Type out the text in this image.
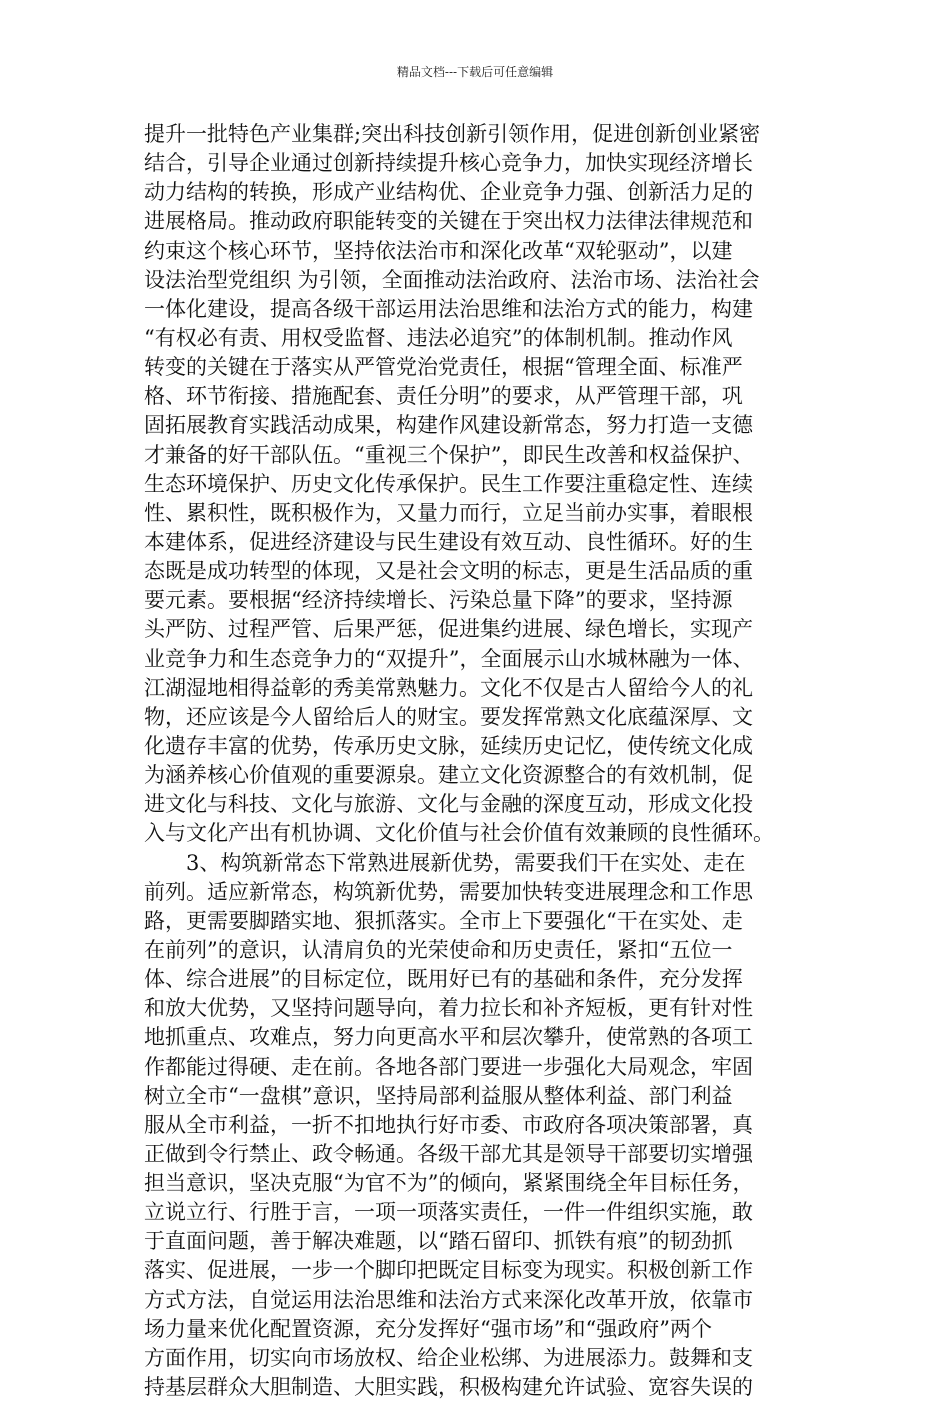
精品文档---下载后可任意编辑
提升一批特色产业集群;突出科技创新引领作用，促进创新创业紧密
结合，引导企业通过创新持续提升核心竞争力，加快实现经济增长
动力结构的转换，形成产业结构优、企业竞争力强、创新活力足的
进展格局。推动政府职能转变的关键在于突出权力法律法律规范和
约束这个核心环节，坚持依法治市和深化改革“双轮驱动”，以建
设法治型党组织 为引领，全面推动法治政府、法治市场、法治社会
一体化建设，提高各级干部运用法治思维和法治方式的能力，构建
“有权必有责、用权受监督、违法必追究”的体制机制。推动作风
转变的关键在于落实从严管党治党责任，根据“管理全面、标准严
格、环节衔接、措施配套、责任分明”的要求，从严管理干部，巩
固拓展教育实践活动成果，构建作风建设新常态，努力打造一支德
才兼备的好干部队伍。“重视三个保护”，即民生改善和权益保护、
生态环境保护、历史文化传承保护。民生工作要注重稳定性、连续
性、累积性，既积极作为，又量力而行，立足当前办实事，着眼根
本建体系，促进经济建设与民生建设有效互动、良性循环。好的生
态既是成功转型的体现，又是社会文明的标志，更是生活品质的重
要元素。要根据“经济持续增长、污染总量下降”的要求，坚持源
头严防、过程严管、后果严惩，促进集约进展、绿色增长，实现产
业竞争力和生态竞争力的“双提升”，全面展示山水城林融为一体、
江湖湿地相得益彰的秀美常熟魅力。文化不仅是古人留给今人的礼
物，还应该是今人留给后人的财宝。要发挥常熟文化底蕴深厚、文
化遗存丰富的优势，传承历史文脉，延续历史记忆，使传统文化成
为涵养核心价值观的重要源泉。建立文化资源整合的有效机制，促
进文化与科技、文化与旅游、文化与金融的深度互动，形成文化投
入与文化产出有机协调、文化价值与社会价值有效兼顾的良性循环。
3、构筑新常态下常熟进展新优势，需要我们干在实处、走在
前列。适应新常态，构筑新优势，需要加快转变进展理念和工作思
路，更需要脚踏实地、狠抓落实。全市上下要强化“干在实处、走
在前列”的意识，认清肩负的光荣使命和历史责任，紧扣“五位一
体、综合进展”的目标定位，既用好已有的基础和条件，充分发挥
和放大优势，又坚持问题导向，着力拉长和补齐短板，更有针对性
地抓重点、攻难点，努力向更高水平和层次攀升，使常熟的各项工
作都能过得硬、走在前。各地各部门要进一步强化大局观念，牢固
树立全市“一盘棋”意识，坚持局部利益服从整体利益、部门利益
服从全市利益，一折不扣地执行好市委、市政府各项决策部署，真
正做到令行禁止、政令畅通。各级干部尤其是领导干部要切实增强
担当意识，坚决克服“为官不为”的倾向，紧紧围绕全年目标任务，
立说立行、行胜于言，一项一项落实责任，一件一件组织实施，敢
于直面问题，善于解决难题，以“踏石留印、抓铁有痕”的韧劲抓
落实、促进展，一步一个脚印把既定目标变为现实。积极创新工作
方式方法，自觉运用法治思维和法治方式来深化改革开放，依靠市
场力量来优化配置资源，充分发挥好“强市场”和“强政府”两个
方面作用，切实向市场放权、给企业松绑、为进展添力。鼓舞和支
持基层群众大胆制造、大胆实践，积极构建允许试验、宽容失误的
